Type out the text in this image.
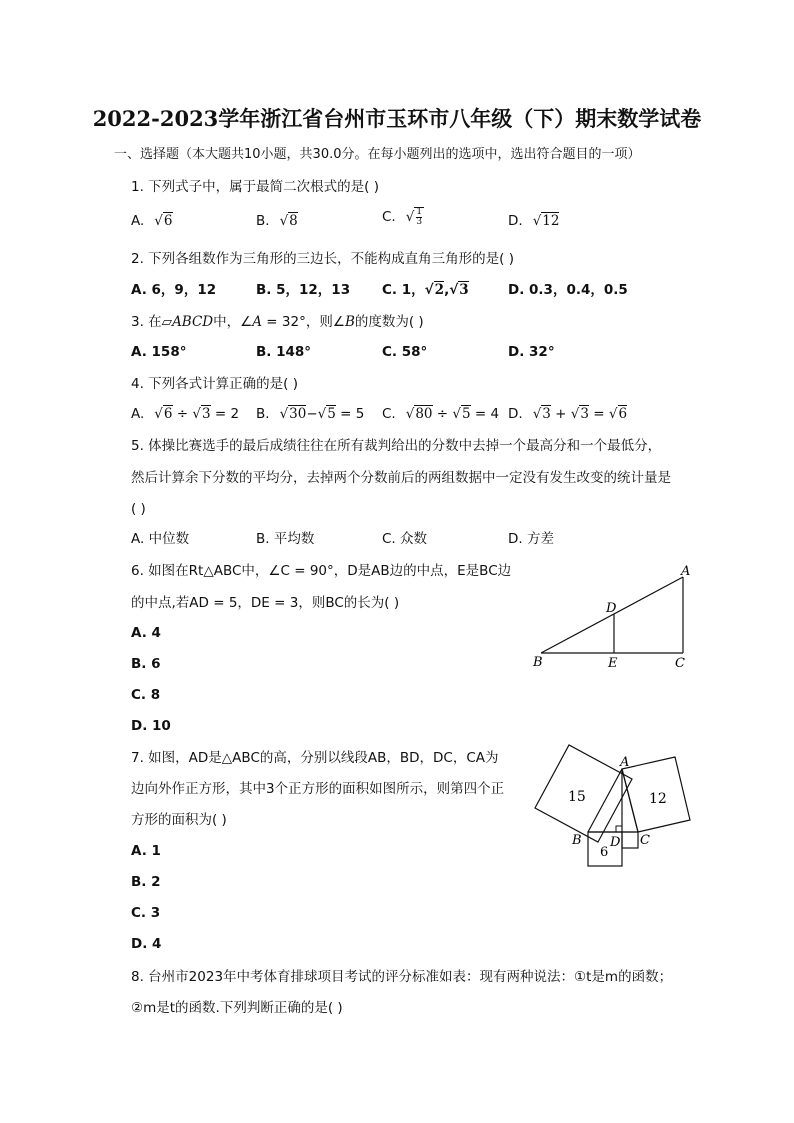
2022-2023学年浙江省台州市玉环市八年级（下）期末数学试卷
一、选择题（本大题共10小题，共30.0分。在每小题列出的选项中，选出符合题目的一项）
1. 下列式子中，属于最简二次根式的是( )
A. √6	B. √8	C. √ $\frac{1}{3}$	D. √12
2. 下列各组数作为三角形的三边长，不能构成直角三角形的是( )
A. 6，9，12	B. 5，12，13 C. 1，√2,√3	D. 0.3，0.4，0.5
3. 在▱ABCD中，∠A = 32°，则∠B的度数为( )
A. 158°	B. 148°	C. 58°	D. 32°
4. 下列各式计算正确的是( )
A. √6 ÷ √3 = 2 B. √30−√5 = 5 C. √80 ÷ √5 = 4 D. √3 + √3 = √6
5. 体操比赛选手的最后成绩往往在所有裁判给出的分数中去掉一个最高分和一个最低分，
然后计算余下分数的平均分，去掉两个分数前后的两组数据中一定没有发生改变的统计量是
( )
A. 中位数	B. 平均数	C. 众数	D. 方差
6. 如图在Rt△ABC中，∠C = 90°，D是AB边的中点，E是BC边
的中点,若AD = 5，DE = 3，则BC的长为( )
A. 4
B. 6
C. 8
D. 10
A
B	C
D
E
7. 如图，AD是△ABC的高，分别以线段AB，BD，DC，CA为
边向外作正方形，其中3个正方形的面积如图所示，则第四个正
方形的面积为( )
A. 1
B. 2
C. 3
D. 4
A
B	C
D
15	12
6
8. 台州市2023年中考体育排球项目考试的评分标准如表：现有两种说法：①t是m的函数；
②m是t的函数.下列判断正确的是( )
